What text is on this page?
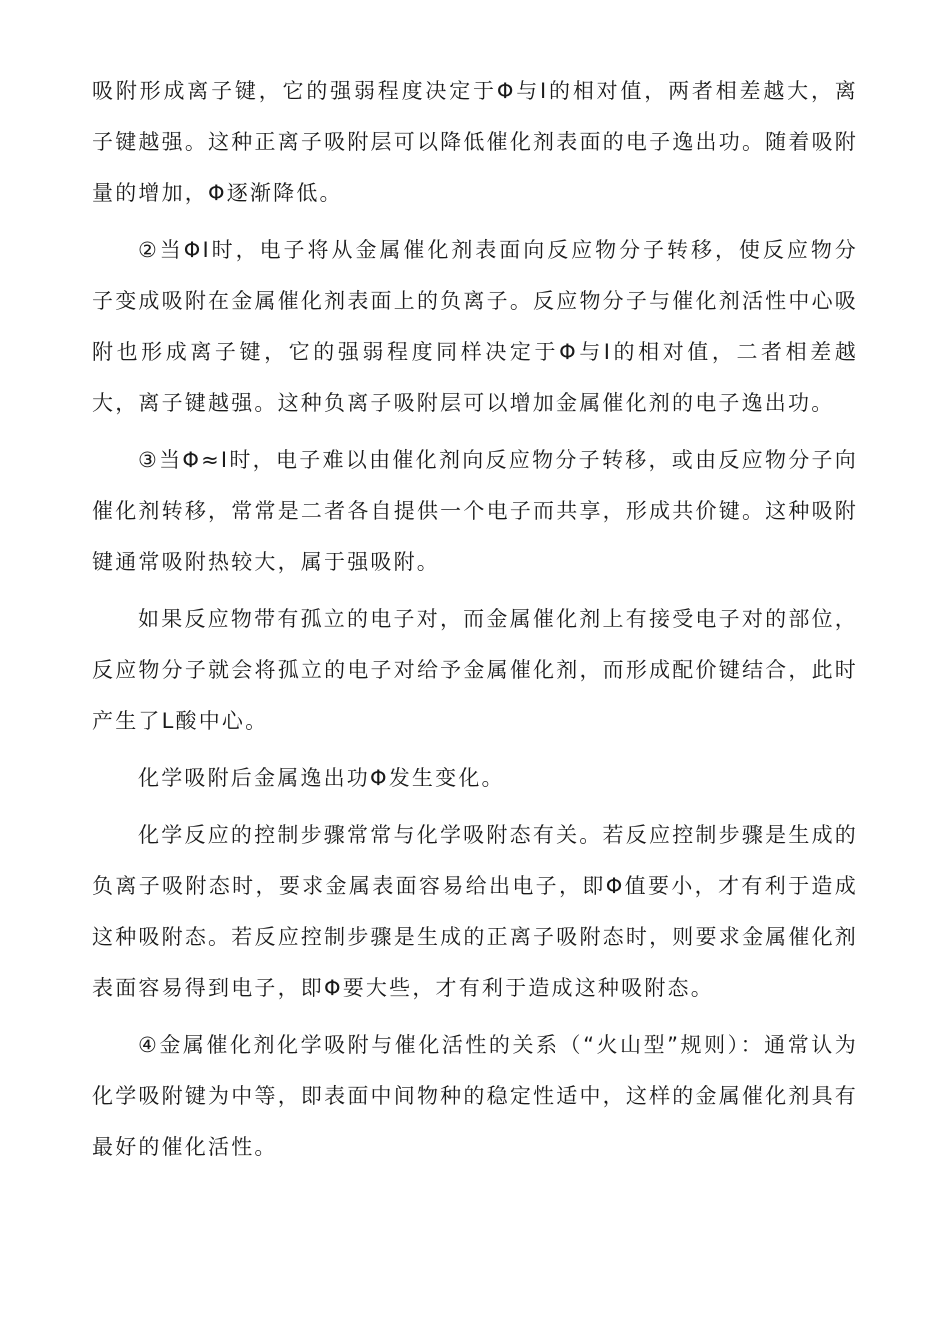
吸附形成离子键，它的强弱程度决定于Φ与I的相对值，两者相差越大，离子键越强。这种正离子吸附层可以降低催化剂表面的电子逸出功。随着吸附量的增加，Φ逐渐降低。

②当ΦI时，电子将从金属催化剂表面向反应物分子转移，使反应物分子变成吸附在金属催化剂表面上的负离子。反应物分子与催化剂活性中心吸附也形成离子键，它的强弱程度同样决定于Φ与I的相对值，二者相差越大，离子键越强。这种负离子吸附层可以增加金属催化剂的电子逸出功。

③当Φ≈I时，电子难以由催化剂向反应物分子转移，或由反应物分子向催化剂转移，常常是二者各自提供一个电子而共享，形成共价键。这种吸附键通常吸附热较大，属于强吸附。

如果反应物带有孤立的电子对，而金属催化剂上有接受电子对的部位，反应物分子就会将孤立的电子对给予金属催化剂，而形成配价键结合，此时产生了L酸中心。

化学吸附后金属逸出功Φ发生变化。

化学反应的控制步骤常常与化学吸附态有关。若反应控制步骤是生成的负离子吸附态时，要求金属表面容易给出电子，即Φ值要小，才有利于造成这种吸附态。若反应控制步骤是生成的正离子吸附态时，则要求金属催化剂表面容易得到电子，即Φ要大些，才有利于造成这种吸附态。

④金属催化剂化学吸附与催化活性的关系（“火山型”规则）：通常认为化学吸附键为中等，即表面中间物种的稳定性适中，这样的金属催化剂具有最好的催化活性。
